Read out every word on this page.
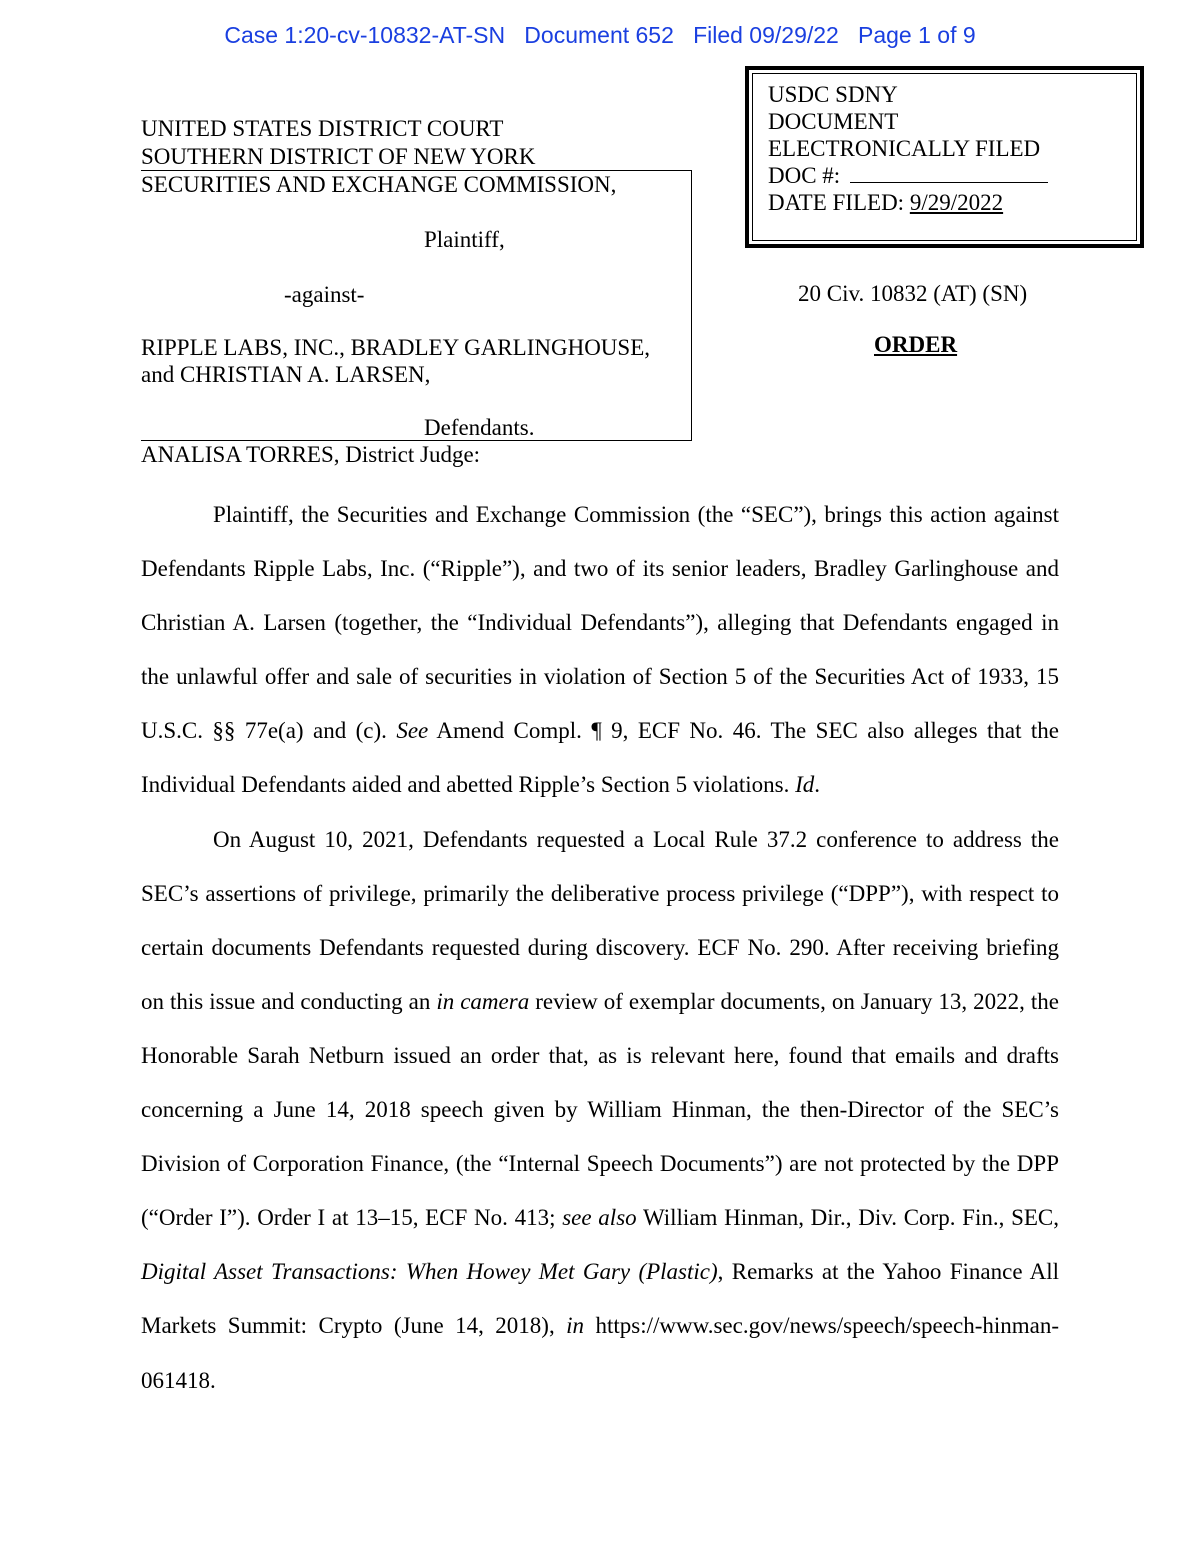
Case 1:20-cv-10832-AT-SN   Document 652   Filed 09/29/22   Page 1 of 9
UNITED STATES DISTRICT COURT
SOUTHERN DISTRICT OF NEW YORK
SECURITIES AND EXCHANGE COMMISSION,
Plaintiff,
-against-
RIPPLE LABS, INC., BRADLEY GARLINGHOUSE,
and CHRISTIAN A. LARSEN,
Defendants.
USDC SDNY
DOCUMENT
ELECTRONICALLY FILED
DOC #:
DATE FILED: 9/29/2022
20 Civ. 10832 (AT) (SN)
ORDER
ANALISA TORRES, District Judge:

Plaintiff, the Securities and Exchange Commission (the “SEC”), brings this action against Defendants Ripple Labs, Inc. (“Ripple”), and two of its senior leaders, Bradley Garlinghouse and Christian A. Larsen (together, the “Individual Defendants”), alleging that Defendants engaged in the unlawful offer and sale of securities in violation of Section 5 of the Securities Act of 1933, 15 U.S.C. §§ 77e(a) and (c). See Amend Compl. ¶ 9, ECF No. 46. The SEC also alleges that the Individual Defendants aided and abetted Ripple’s Section 5 violations. Id.

On August 10, 2021, Defendants requested a Local Rule 37.2 conference to address the SEC’s assertions of privilege, primarily the deliberative process privilege (“DPP”), with respect to certain documents Defendants requested during discovery. ECF No. 290. After receiving briefing on this issue and conducting an in camera review of exemplar documents, on January 13, 2022, the Honorable Sarah Netburn issued an order that, as is relevant here, found that emails and drafts concerning a June 14, 2018 speech given by William Hinman, the then-Director of the SEC’s Division of Corporation Finance, (the “Internal Speech Documents”) are not protected by the DPP (“Order I”). Order I at 13–15, ECF No. 413; see also William Hinman, Dir., Div. Corp. Fin., SEC, Digital Asset Transactions: When Howey Met Gary (Plastic), Remarks at the Yahoo Finance All Markets Summit: Crypto (June 14, 2018), in https://www.sec.gov/news/speech/speech-hinman-061418.
